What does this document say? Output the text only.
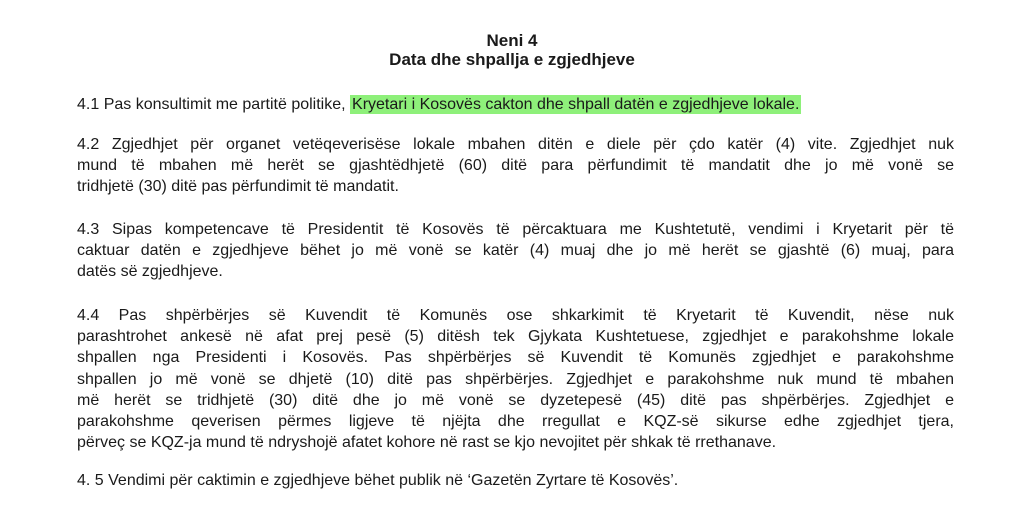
Neni 4
Data dhe shpallja e zgjedhjeve

4.1 Pas konsultimit me partitë politike, Kryetari i Kosovës cakton dhe shpall datën e zgjedhjeve lokale.

4.2 Zgjedhjet për organet vetëqeverisëse lokale mbahen ditën e diele për çdo katër (4) vite. Zgjedhjet nuk
mund të mbahen më herët se gjashtëdhjetë (60) ditë para përfundimit të mandatit dhe jo më vonë se
tridhjetë (30) ditë pas përfundimit të mandatit.

4.3 Sipas kompetencave të Presidentit të Kosovës të përcaktuara me Kushtetutë, vendimi i Kryetarit për të
caktuar datën e zgjedhjeve bëhet jo më vonë se katër (4) muaj dhe jo më herët se gjashtë (6) muaj, para
datës së zgjedhjeve.

4.4 Pas shpërbërjes së Kuvendit të Komunës ose shkarkimit të Kryetarit të Kuvendit, nëse nuk
parashtrohet ankesë në afat prej pesë (5) ditësh tek Gjykata Kushtetuese, zgjedhjet e parakohshme lokale
shpallen nga Presidenti i Kosovës. Pas shpërbërjes së Kuvendit të Komunës zgjedhjet e parakohshme
shpallen jo më vonë se dhjetë (10) ditë pas shpërbërjes. Zgjedhjet e parakohshme nuk mund të mbahen
më herët se tridhjetë (30) ditë dhe jo më vonë se dyzetepesë (45) ditë pas shpërbërjes. Zgjedhjet e
parakohshme qeverisen përmes ligjeve të njëjta dhe rregullat e KQZ-së sikurse edhe zgjedhjet tjera,
përveç se KQZ-ja mund të ndryshojë afatet kohore në rast se kjo nevojitet për shkak të rrethanave.

4. 5 Vendimi për caktimin e zgjedhjeve bëhet publik në ‘Gazetën Zyrtare të Kosovës’.
